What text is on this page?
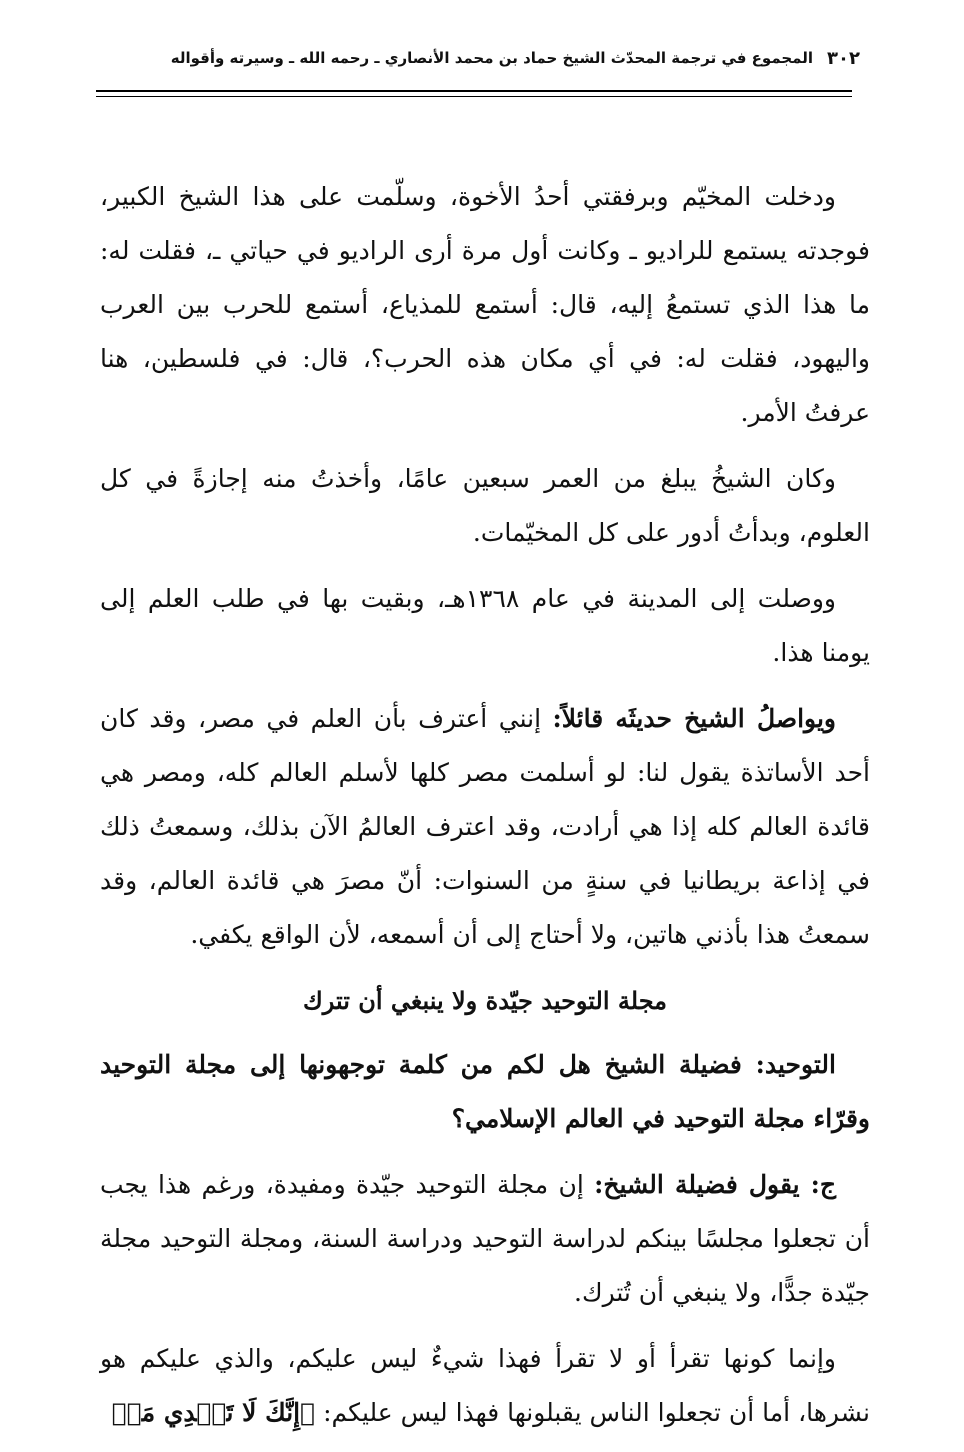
٣٠٢
المجموع في ترجمة المحدّث الشيخ حماد بن محمد الأنصاري ـ رحمه الله ـ وسيرته وأقواله

ودخلت المخيّم وبرفقتي أحدُ الأخوة، وسلّمت على هذا الشيخ الكبير، فوجدته يستمع للراديو ـ وكانت أول مرة أرى الراديو في حياتي ـ، فقلت له: ما هذا الذي تستمعُ إليه، قال: أستمع للمذياع، أستمع للحرب بين العرب واليهود، فقلت له: في أي مكان هذه الحرب؟، قال: في فلسطين، هنا عرفتُ الأمر.

وكان الشيخُ يبلغ من العمر سبعين عامًا، وأخذتُ منه إجازةً في كل العلوم، وبدأتُ أدور على كل المخيّمات.

ووصلت إلى المدينة في عام ١٣٦٨هـ، وبقيت بها في طلب العلم إلى يومنا هذا.

ويواصلُ الشيخ حديثَه قائلاً: إنني أعترف بأن العلم في مصر، وقد كان أحد الأساتذة يقول لنا: لو أسلمت مصر كلها لأسلم العالم كله، ومصر هي قائدة العالم كله إذا هي أرادت، وقد اعترف العالمُ الآن بذلك، وسمعتُ ذلك في إذاعة بريطانيا في سنةٍ من السنوات: أنّ مصرَ هي قائدة العالم، وقد سمعتُ هذا بأذني هاتين، ولا أحتاج إلى أن أسمعه، لأن الواقع يكفي.

مجلة التوحيد جيّدة ولا ينبغي أن تترك

التوحيد: فضيلة الشيخ هل لكم من كلمة توجهونها إلى مجلة التوحيد وقرّاء مجلة التوحيد في العالم الإسلامي؟

ج: يقول فضيلة الشيخ: إن مجلة التوحيد جيّدة ومفيدة، ورغم هذا يجب أن تجعلوا مجلسًا بينكم لدراسة التوحيد ودراسة السنة، ومجلة التوحيد مجلة جيّدة جدًّا، ولا ينبغي أن تُترك.

وإنما كونها تقرأ أو لا تقرأ فهذا شيءٌ ليس عليكم، والذي عليكم هو نشرها، أما أن تجعلوا الناس يقبلونها فهذا ليس عليكم: ﴿إِنَّكَ لَا تَهۡدِي مَنۡ
